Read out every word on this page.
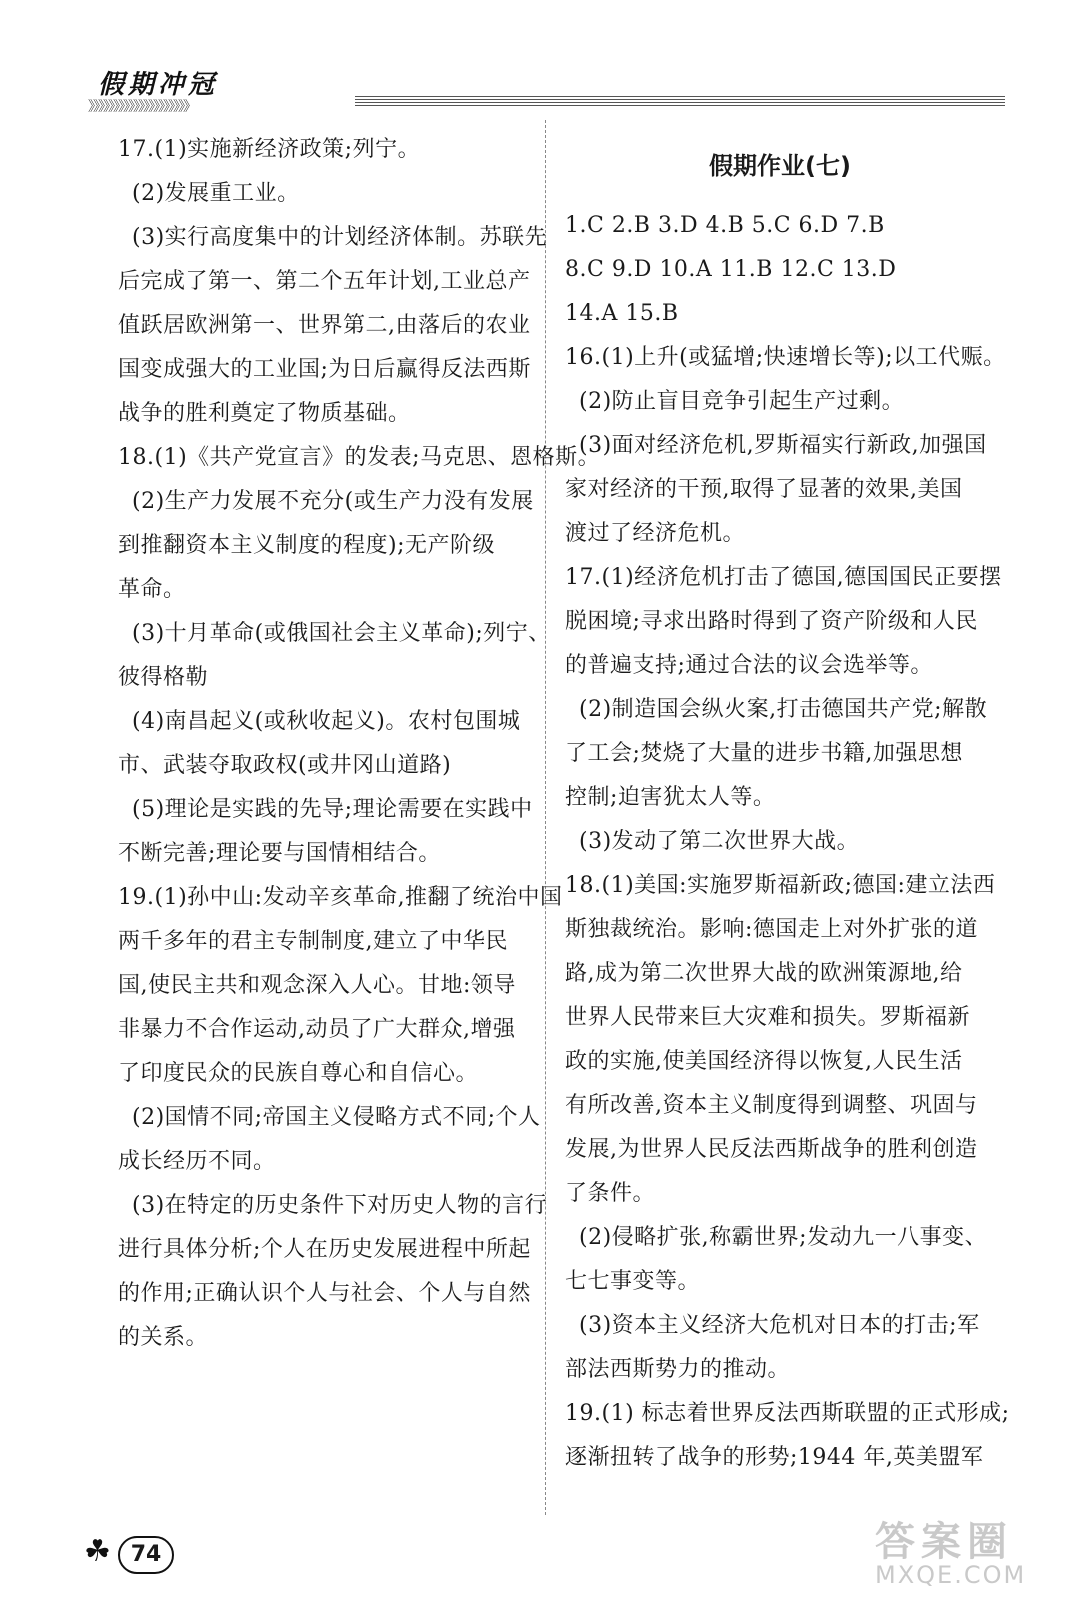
假期冲冠
》》》》》》》》》》》》》》》》》》》》
17.(1)实施新经济政策;列宁。
(2)发展重工业。
(3)实行高度集中的计划经济体制。苏联先
后完成了第一、第二个五年计划,工业总产
值跃居欧洲第一、世界第二,由落后的农业
国变成强大的工业国;为日后赢得反法西斯
战争的胜利奠定了物质基础。
18.(1)《共产党宣言》的发表;马克思、恩格斯。
(2)生产力发展不充分(或生产力没有发展
到推翻资本主义制度的程度);无产阶级
革命。
(3)十月革命(或俄国社会主义革命);列宁、
彼得格勒
(4)南昌起义(或秋收起义)。农村包围城
市、武装夺取政权(或井冈山道路)
(5)理论是实践的先导;理论需要在实践中
不断完善;理论要与国情相结合。
19.(1)孙中山:发动辛亥革命,推翻了统治中国
两千多年的君主专制制度,建立了中华民
国,使民主共和观念深入人心。甘地:领导
非暴力不合作运动,动员了广大群众,增强
了印度民众的民族自尊心和自信心。
(2)国情不同;帝国主义侵略方式不同;个人
成长经历不同。
(3)在特定的历史条件下对历史人物的言行
进行具体分析;个人在历史发展进程中所起
的作用;正确认识个人与社会、个人与自然
的关系。
假期作业(七)
1.C 2.B 3.D 4.B 5.C 6.D 7.B
8.C 9.D 10.A 11.B 12.C 13.D
14.A 15.B
16.(1)上升(或猛增;快速增长等);以工代赈。
(2)防止盲目竞争引起生产过剩。
(3)面对经济危机,罗斯福实行新政,加强国
家对经济的干预,取得了显著的效果,美国
渡过了经济危机。
17.(1)经济危机打击了德国,德国国民正要摆
脱困境;寻求出路时得到了资产阶级和人民
的普遍支持;通过合法的议会选举等。
(2)制造国会纵火案,打击德国共产党;解散
了工会;焚烧了大量的进步书籍,加强思想
控制;迫害犹太人等。
(3)发动了第二次世界大战。
18.(1)美国:实施罗斯福新政;德国:建立法西
斯独裁统治。影响:德国走上对外扩张的道
路,成为第二次世界大战的欧洲策源地,给
世界人民带来巨大灾难和损失。罗斯福新
政的实施,使美国经济得以恢复,人民生活
有所改善,资本主义制度得到调整、巩固与
发展,为世界人民反法西斯战争的胜利创造
了条件。
(2)侵略扩张,称霸世界;发动九一八事变、
七七事变等。
(3)资本主义经济大危机对日本的打击;军
部法西斯势力的推动。
19.(1) 标志着世界反法西斯联盟的正式形成;
逐渐扭转了战争的形势;1944 年,英美盟军
☘ 74	答案圈
MXQE.COM
